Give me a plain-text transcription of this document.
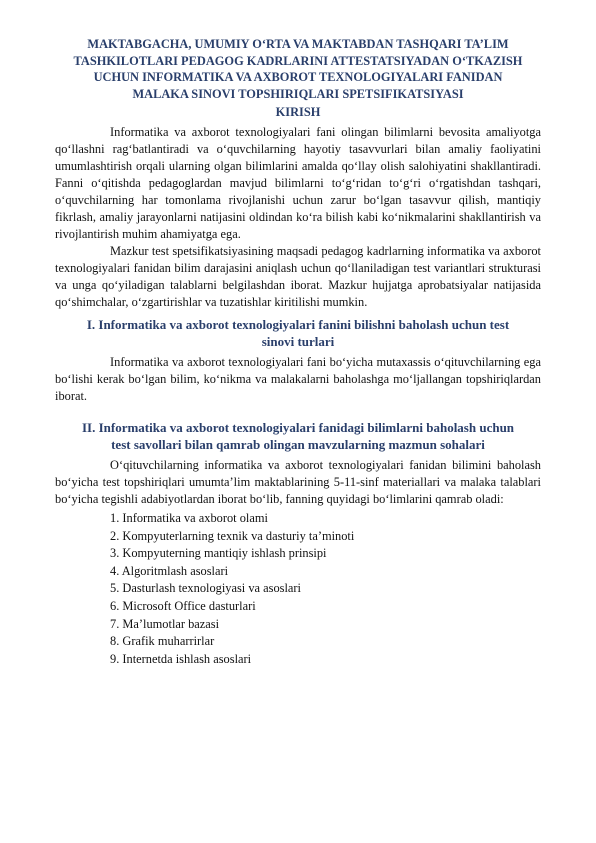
MAKTABGACHA, UMUMIY O‘RTA VA MAKTABDAN TASHQARI TA’LIM
TASHKILOTLARI PEDAGOG KADRLARINI ATTESTATSIYADAN O‘TKAZISH
UCHUN INFORMATIKA VA AXBOROT TEXNOLOGIYALARI FANIDAN
MALAKA SINOVI TOPSHIRIQLARI SPETSIFIKATSIYASI
KIRISH

Informatika va axborot texnologiyalari fani olingan bilimlarni bevosita amaliyotga qo‘llashni rag‘batlantiradi va o‘quvchilarning hayotiy tasavvurlari bilan amaliy faoliyatini umumlashtirish orqali ularning olgan bilimlarini amalda qo‘llay olish salohiyatini shakllantiradi. Fanni o‘qitishda pedagoglardan mavjud bilimlarni to‘g‘ridan to‘g‘ri o‘rgatishdan tashqari, o‘quvchilarning har tomonlama rivojlanishi uchun zarur bo‘lgan tasavvur qilish, mantiqiy fikrlash, amaliy jarayonlarni natijasini oldindan ko‘ra bilish kabi ko‘nikmalarini shakllantirish va rivojlantirish muhim ahamiyatga ega.

Mazkur test spetsifikatsiyasining maqsadi pedagog kadrlarning informatika va axborot texnologiyalari fanidan bilim darajasini aniqlash uchun qo‘llaniladigan test variantlari strukturasi va unga qo‘yiladigan talablarni belgilashdan iborat. Mazkur hujjatga aprobatsiyalar natijasida qo‘shimchalar, o‘zgartirishlar va tuzatishlar kiritilishi mumkin.

I. Informatika va axborot texnologiyalari fanini bilishni baholash uchun test
sinovi turlari

Informatika va axborot texnologiyalari fani bo‘yicha mutaxassis o‘qituvchilarning ega bo‘lishi kerak bo‘lgan bilim, ko‘nikma va malakalarni baholashga mo‘ljallangan topshiriqlardan iborat.

II. Informatika va axborot texnologiyalari fanidagi bilimlarni baholash uchun
test savollari bilan qamrab olingan mavzularning mazmun sohalari

O‘qituvchilarning informatika va axborot texnologiyalari fanidan bilimini baholash bo‘yicha test topshiriqlari umumta’lim maktablarining 5-11-sinf materiallari va malaka talablari bo‘yicha tegishli adabiyotlardan iborat bo‘lib, fanning quyidagi bo‘limlarini qamrab oladi:

1. Informatika va axborot olami
2. Kompyuterlarning texnik va dasturiy ta’minoti
3. Kompyuterning mantiqiy ishlash prinsipi
4. Algoritmlash asoslari
5. Dasturlash texnologiyasi va asoslari
6. Microsoft Office dasturlari
7. Ma’lumotlar bazasi
8. Grafik muharrirlar
9. Internetda ishlash asoslari
